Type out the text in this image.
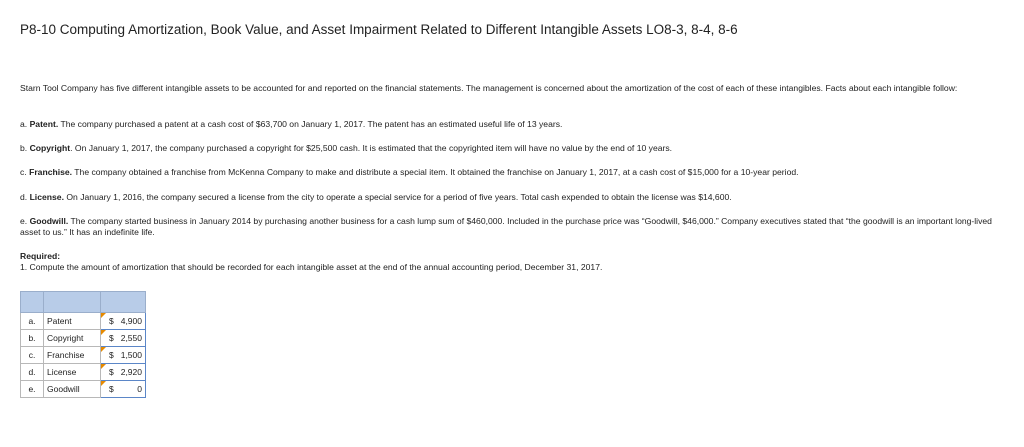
P8-10 Computing Amortization, Book Value, and Asset Impairment Related to Different Intangible Assets LO8-3, 8-4, 8-6
Starn Tool Company has five different intangible assets to be accounted for and reported on the financial statements. The management is concerned about the amortization of the cost of each of these intangibles. Facts about each intangible follow:
a. Patent. The company purchased a patent at a cash cost of $63,700 on January 1, 2017. The patent has an estimated useful life of 13 years.
b. Copyright. On January 1, 2017, the company purchased a copyright for $25,500 cash. It is estimated that the copyrighted item will have no value by the end of 10 years.
c. Franchise. The company obtained a franchise from McKenna Company to make and distribute a special item. It obtained the franchise on January 1, 2017, at a cash cost of $15,000 for a 10-year period.
d. License. On January 1, 2016, the company secured a license from the city to operate a special service for a period of five years. Total cash expended to obtain the license was $14,600.
e. Goodwill. The company started business in January 2014 by purchasing another business for a cash lump sum of $460,000. Included in the purchase price was “Goodwill, $46,000.” Company executives stated that “the goodwill is an important long-lived asset to us.” It has an indefinite life.
Required:
1. Compute the amount of amortization that should be recorded for each intangible asset at the end of the annual accounting period, December 31, 2017.

a.	Patent	$ 4,900

b.	Copyright	$ 2,550

c.	Franchise	$ 1,500

d.	License	$ 2,920

e.	Goodwill	$ 0
